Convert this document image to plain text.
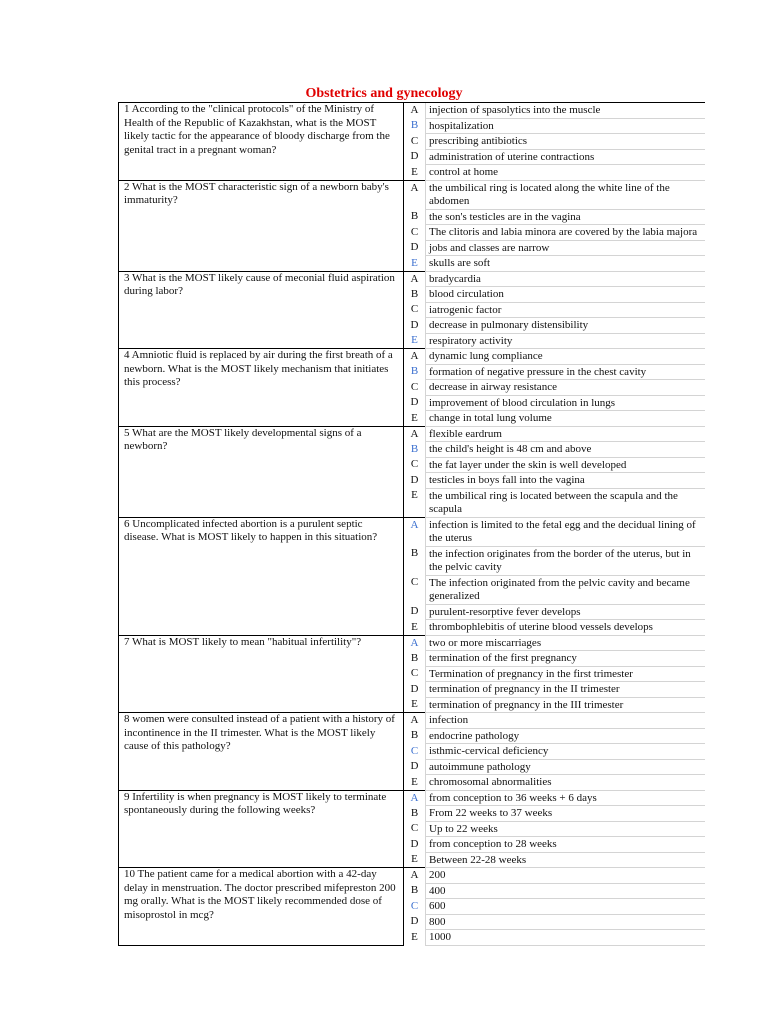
Obstetrics and gynecology
1 According to the "clinical protocols" of the Ministry of Health of the Republic of Kazakhstan, what is the MOST likely tactic for the appearance of bloody discharge from the genital tract in a pregnant woman?	A	injection of spasolytics into the muscle
	B	hospitalization
	C	prescribing antibiotics
	D	administration of uterine contractions
	E	control at home
2 What is the MOST characteristic sign of a newborn baby's immaturity?	A	the umbilical ring is located along the white line of the abdomen
	B	the son's testicles are in the vagina
	C	The clitoris and labia minora are covered by the labia majora
	D	jobs and classes are narrow
	E	skulls are soft
3 What is the MOST likely cause of meconial fluid aspiration during labor?	A	bradycardia
	B	blood circulation
	C	iatrogenic factor
	D	decrease in pulmonary distensibility
	E	respiratory activity
4 Amniotic fluid is replaced by air during the first breath of a newborn. What is the MOST likely mechanism that initiates this process?	A	dynamic lung compliance
	B	formation of negative pressure in the chest cavity
	C	decrease in airway resistance
	D	improvement of blood circulation in lungs
	E	change in total lung volume
5 What are the MOST likely developmental signs of a newborn?	A	flexible eardrum
	B	the child's height is 48 cm and above
	C	the fat layer under the skin is well developed
	D	testicles in boys fall into the vagina
	E	the umbilical ring is located between the scapula and the scapula
6 Uncomplicated infected abortion is a purulent septic disease. What is MOST likely to happen in this situation?	A	infection is limited to the fetal egg and the decidual lining of the uterus
	B	the infection originates from the border of the uterus, but in the pelvic cavity
	C	The infection originated from the pelvic cavity and became generalized
	D	purulent-resorptive fever develops
	E	thrombophlebitis of uterine blood vessels develops
7 What is MOST likely to mean "habitual infertility"?	A	two or more miscarriages
	B	termination of the first pregnancy
	C	Termination of pregnancy in the first trimester
	D	termination of pregnancy in the II trimester
	E	termination of pregnancy in the III trimester
8 women were consulted instead of a patient with a history of incontinence in the II trimester. What is the MOST likely cause of this pathology?	A	infection
	B	endocrine pathology
	C	isthmic-cervical deficiency
	D	autoimmune pathology
	E	chromosomal abnormalities
9 Infertility is when pregnancy is MOST likely to terminate spontaneously during the following weeks?	A	from conception to 36 weeks + 6 days
	B	From 22 weeks to 37 weeks
	C	Up to 22 weeks
	D	from conception to 28 weeks
	E	Between 22-28 weeks
10 The patient came for a medical abortion with a 42-day delay in menstruation. The doctor prescribed mifepreston 200 mg orally. What is the MOST likely recommended dose of misoprostol in mcg?	A	200
	B	400
	C	600
	D	800
	E	1000
